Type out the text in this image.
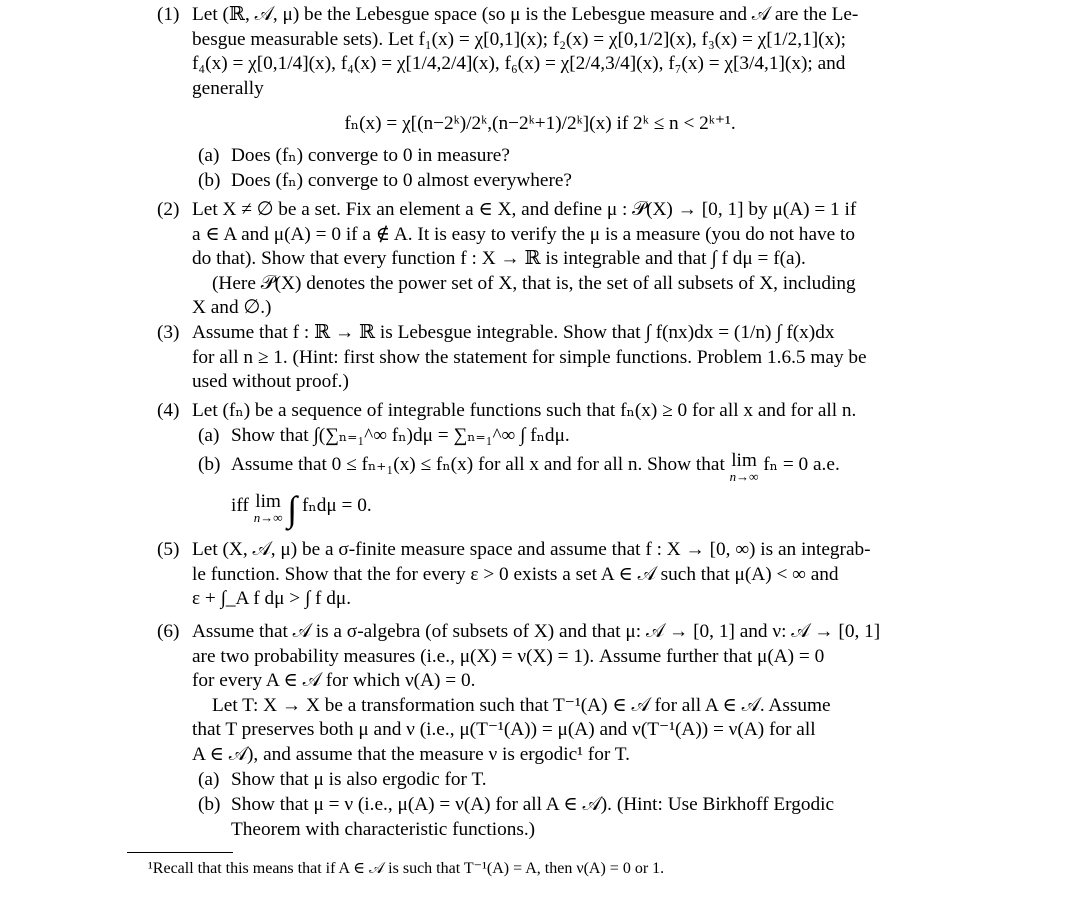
(1) Let (ℝ, 𝒜, μ) be the Lebesgue space (so μ is the Lebesgue measure and 𝒜 are the Le-
besgue measurable sets). Let f₁(x) = χ[0,1](x); f₂(x) = χ[0,1/2](x), f₃(x) = χ[1/2,1](x);
f₄(x) = χ[0,1/4](x), f₄(x) = χ[1/4,2/4](x), f₆(x) = χ[2/4,3/4](x), f₇(x) = χ[3/4,1](x); and
generally
fₙ(x) = χ[(n−2ᵏ)/2ᵏ,(n−2ᵏ+1)/2ᵏ](x) if 2ᵏ ≤ n < 2ᵏ⁺¹.
(a) Does (fₙ) converge to 0 in measure?
(b) Does (fₙ) converge to 0 almost everywhere?
(2) Let X ≠ ∅ be a set. Fix an element a ∈ X, and define μ : 𝒫(X) → [0, 1] by μ(A) = 1 if
a ∈ A and μ(A) = 0 if a ∉ A. It is easy to verify the μ is a measure (you do not have to
do that). Show that every function f : X → ℝ is integrable and that ∫ f dμ = f(a).
(Here 𝒫(X) denotes the power set of X, that is, the set of all subsets of X, including
X and ∅.)
(3) Assume that f : ℝ → ℝ is Lebesgue integrable. Show that ∫ f(nx)dx = (1/n) ∫ f(x)dx
for all n ≥ 1. (Hint: first show the statement for simple functions. Problem 1.6.5 may be
used without proof.)
(4) Let (fₙ) be a sequence of integrable functions such that fₙ(x) ≥ 0 for all x and for all n.
(a) Show that ∫(∑ₙ₌₁^∞ fₙ)dμ = ∑ₙ₌₁^∞ ∫ fₙdμ.
(b) Assume that 0 ≤ fₙ₊₁(x) ≤ fₙ(x) for all x and for all n. Show that lim
n→∞
fₙ = 0 a.e.
iff lim
n→∞ ∫ fₙdμ = 0.
(5) Let (X, 𝒜, μ) be a σ-finite measure space and assume that f : X → [0, ∞) is an integrab-
le function. Show that the for every ε > 0 exists a set A ∈ 𝒜 such that μ(A) < ∞ and
ε + ∫_A f dμ > ∫ f dμ.
(6) Assume that 𝒜 is a σ-algebra (of subsets of X) and that μ: 𝒜 → [0, 1] and ν: 𝒜 → [0, 1]
are two probability measures (i.e., μ(X) = ν(X) = 1). Assume further that μ(A) = 0
for every A ∈ 𝒜 for which ν(A) = 0.
Let T: X → X be a transformation such that T⁻¹(A) ∈ 𝒜 for all A ∈ 𝒜. Assume
that T preserves both μ and ν (i.e., μ(T⁻¹(A)) = μ(A) and ν(T⁻¹(A)) = ν(A) for all
A ∈ 𝒜), and assume that the measure ν is ergodic¹ for T.
(a) Show that μ is also ergodic for T.
(b) Show that μ = ν (i.e., μ(A) = ν(A) for all A ∈ 𝒜). (Hint: Use Birkhoff Ergodic
Theorem with characteristic functions.)
¹Recall that this means that if A ∈ 𝒜 is such that T⁻¹(A) = A, then ν(A) = 0 or 1.
